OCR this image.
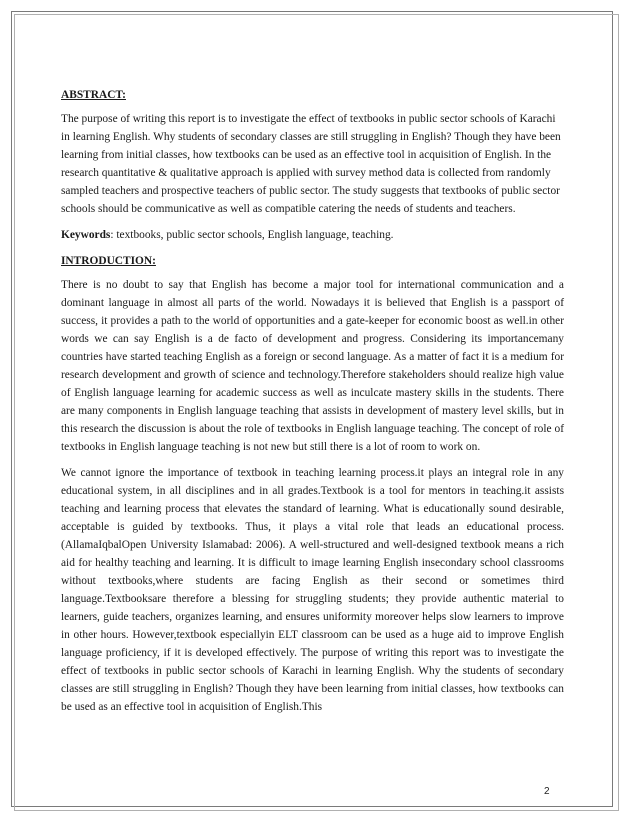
ABSTRACT:

The purpose of writing this report is to investigate the effect of textbooks in public sector schools of Karachi in learning English. Why students of secondary classes are still struggling in English? Though they have been learning from initial classes, how textbooks can be used as an effective tool in acquisition of English. In the research quantitative & qualitative approach is applied with survey method data is collected from randomly sampled teachers and prospective teachers of public sector. The study suggests that textbooks of public sector schools should be communicative as well as compatible catering the needs of students and teachers.

Keywords: textbooks, public sector schools, English language, teaching.

INTRODUCTION:

There is no doubt to say that English has become a major tool for international communication and a dominant language in almost all parts of the world. Nowadays it is believed that English is a passport of success, it provides a path to the world of opportunities and a gate-keeper for economic boost as well.in other words we can say English is a de facto of development and progress. Considering its importancemany countries have started teaching English as a foreign or second language. As a matter of fact it is a medium for research development and growth of science and technology.Therefore stakeholders should realize high value of English language learning for academic success as well as inculcate mastery skills in the students. There are many components in English language teaching that assists in development of mastery level skills, but in this research the discussion is about the role of textbooks in English language teaching. The concept of role of textbooks in English language teaching is not new but still there is a lot of room to work on.

We cannot ignore the importance of textbook in teaching learning process.it plays an integral role in any educational system, in all disciplines and in all grades.Textbook is a tool for mentors in teaching.it assists teaching and learning process that elevates the standard of learning. What is educationally sound desirable, acceptable is guided by textbooks. Thus, it plays a vital role that leads an educational process. (AllamaIqbalOpen University Islamabad: 2006). A well-structured and well-designed textbook means a rich aid for healthy teaching and learning. It is difficult to image learning English insecondary school classrooms without textbooks,where students are facing English as their second or sometimes third language.Textbooksare therefore a blessing for struggling students; they provide authentic material to learners, guide teachers, organizes learning, and ensures uniformity moreover helps slow learners to improve in other hours. However,textbook especiallyin ELT classroom can be used as a huge aid to improve English language proficiency, if it is developed effectively. The purpose of writing this report was to investigate the effect of textbooks in public sector schools of Karachi in learning English. Why the students of secondary classes are still struggling in English? Though they have been learning from initial classes, how textbooks can be used as an effective tool in acquisition of English.This

2
